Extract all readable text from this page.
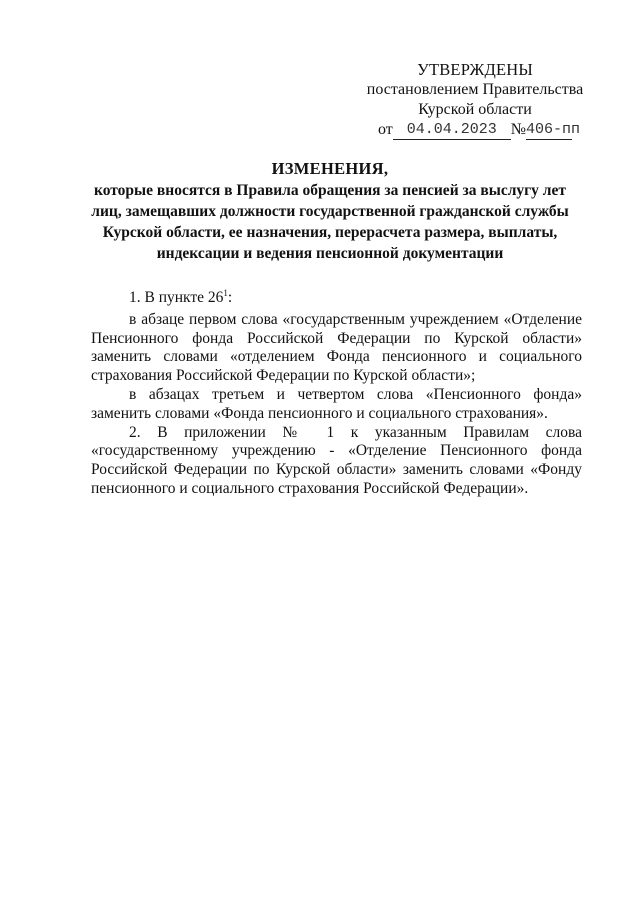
УТВЕРЖДЕНЫ
постановлением Правительства
Курской области
от 04.04.2023 № 406-пп
ИЗМЕНЕНИЯ,
которые вносятся в Правила обращения за пенсией за выслугу лет
лиц, замещавших должности государственной гражданской службы
Курской области, ее назначения, перерасчета размера, выплаты,
индексации и ведения пенсионной документации

1. В пункте $26^1$:

в абзаце первом слова «государственным учреждением «Отделение Пенсионного фонда Российской Федерации по Курской области» заменить словами «отделением Фонда пенсионного и социального страхования Российской Федерации по Курской области»;

в абзацах третьем и четвертом слова «Пенсионного фонда» заменить словами «Фонда пенсионного и социального страхования».

2. В приложении № 1 к указанным Правилам слова «государственному учреждению - «Отделение Пенсионного фонда Российской Федерации по Курской области» заменить словами «Фонду пенсионного и социального страхования Российской Федерации».
